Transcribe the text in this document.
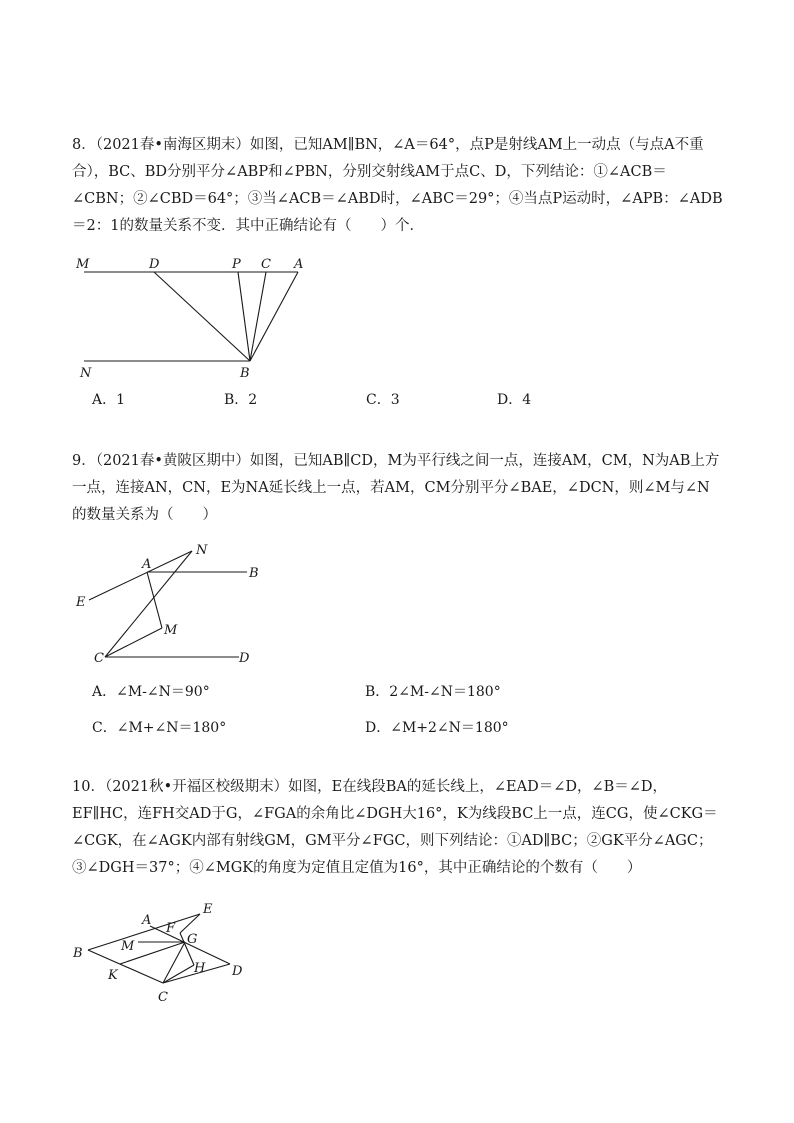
8．（2021春•南海区期末）如图，已知AM∥BN，∠A＝64°，点P是射线AM上一动点（与点A不重合），BC、BD分别平分∠ABP和∠PBN，分别交射线AM于点C、D，下列结论：①∠ACB＝∠CBN；②∠CBD＝64°；③当∠ACB＝∠ABD时，∠ABC＝29°；④当点P运动时，∠APB：∠ADB＝2：1的数量关系不变．其中正确结论有（　　）个．

M	D	P C A
N	B
A．1	B．2	C．3	D．4

9．（2021春•黄陂区期中）如图，已知AB∥CD，M为平行线之间一点，连接AM，CM，N为AB上方一点，连接AN，CN，E为NA延长线上一点，若AM，CM分别平分∠BAE，∠DCN，则∠M与∠N的数量关系为（　　）

N
A
B
E
M
C	D
A．∠M-∠N＝90°	B．2∠M-∠N＝180°
C．∠M+∠N＝180°	D．∠M+2∠N＝180°

10．（2021秋•开福区校级期末）如图，E在线段BA的延长线上，∠EAD＝∠D，∠B＝∠D，EF∥HC，连FH交AD于G，∠FGA的余角比∠DGH大16°，K为线段BC上一点，连CG，使∠CKG＝∠CGK，在∠AGK内部有射线GM，GM平分∠FGC，则下列结论：①AD∥BC；②GK平分∠AGC；③∠DGH＝37°；④∠MGK的角度为定值且定值为16°，其中正确结论的个数有（　　）

A
E
F
M	G
B
H D
K
C
